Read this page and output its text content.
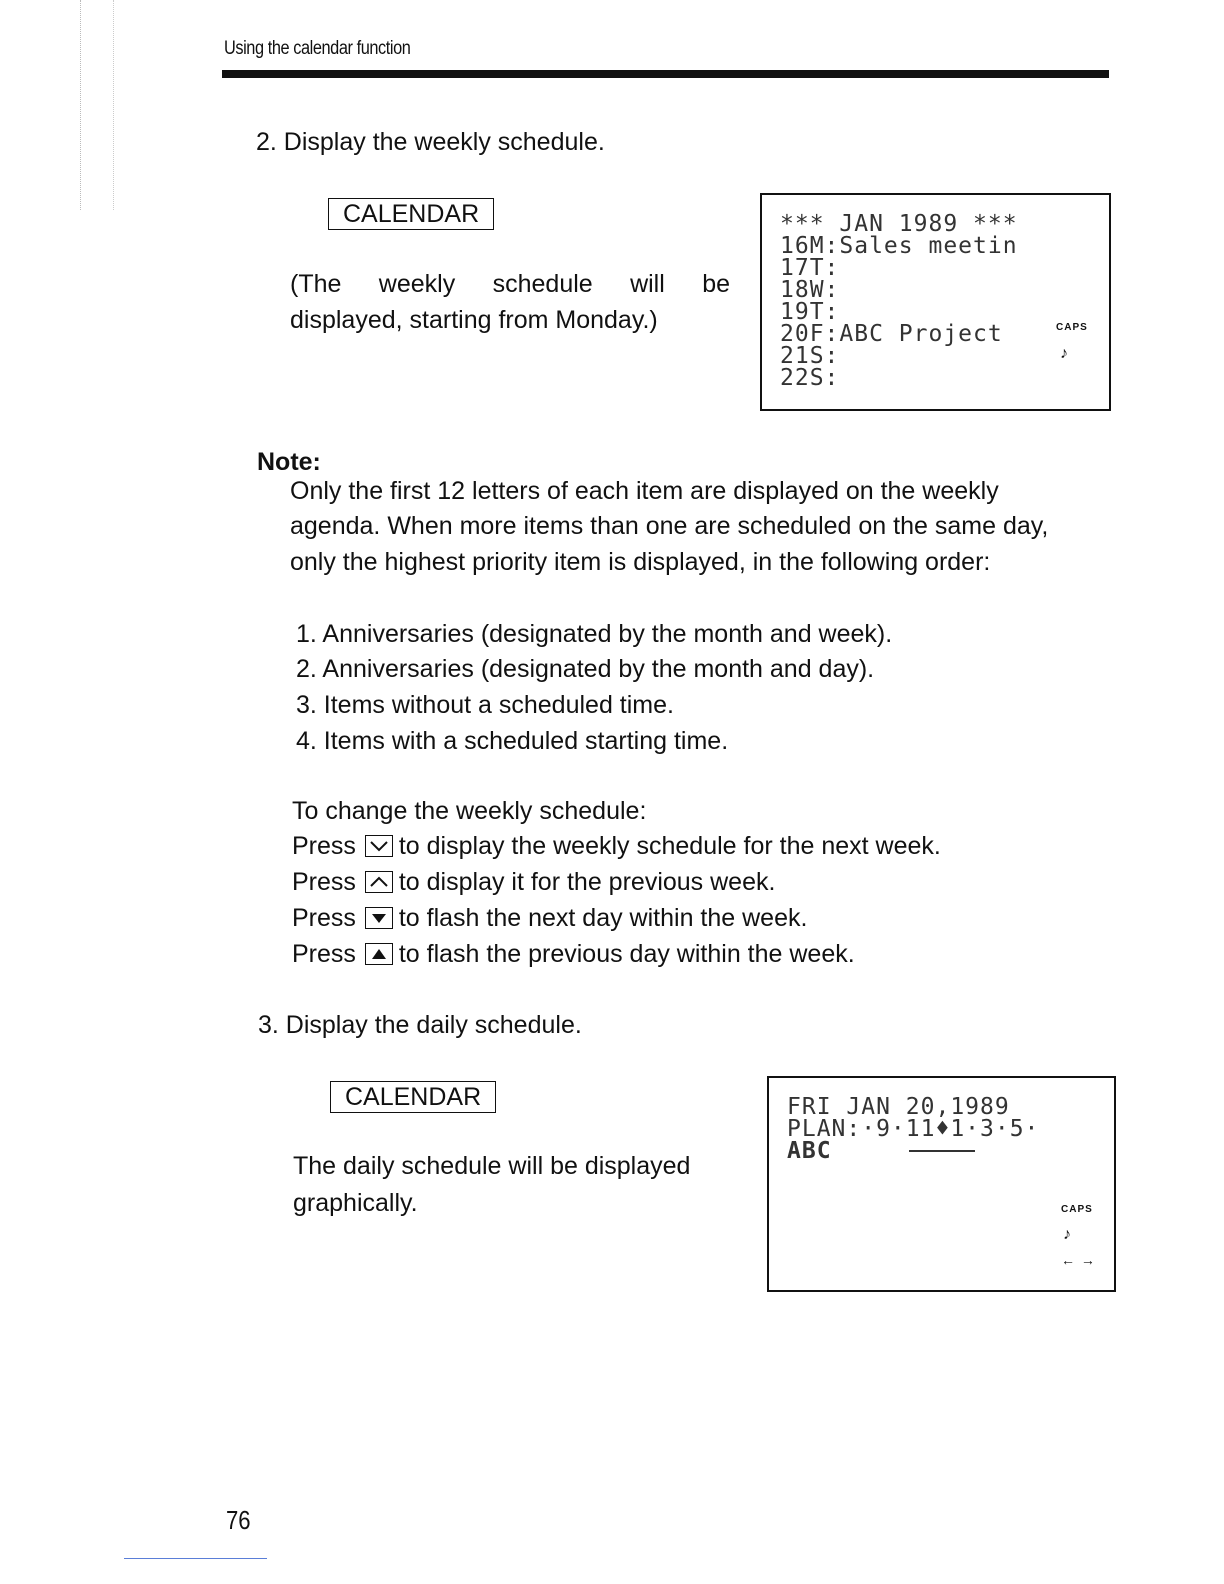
Using the calendar function
2. Display the weekly schedule.
CALENDAR
(The weekly schedule will be
displayed, starting from Monday.)
*** JAN 1989 ***
16M:Sales meetin
17T:
18W:
19T:
20F:ABC Project
21S:
22S:
CAPS
♪
Note:
Only the first 12 letters of each item are displayed on the weekly
agenda. When more items than one are scheduled on the same day,
only the highest priority item is displayed, in the following order:
1. Anniversaries (designated by the month and week).
2. Anniversaries (designated by the month and day).
3. Items without a scheduled time.
4. Items with a scheduled starting time.
To change the weekly schedule:
Press to display the weekly schedule for the next week.
Press to display it for the previous week.
Press to flash the next day within the week.
Press to flash the previous day within the week.
3. Display the daily schedule.
CALENDAR
The daily schedule will be displayed
graphically.
FRI JAN 20,1989
PLAN:·9·11♦1·3·5·
ABC
CAPS
♪
← →
76
